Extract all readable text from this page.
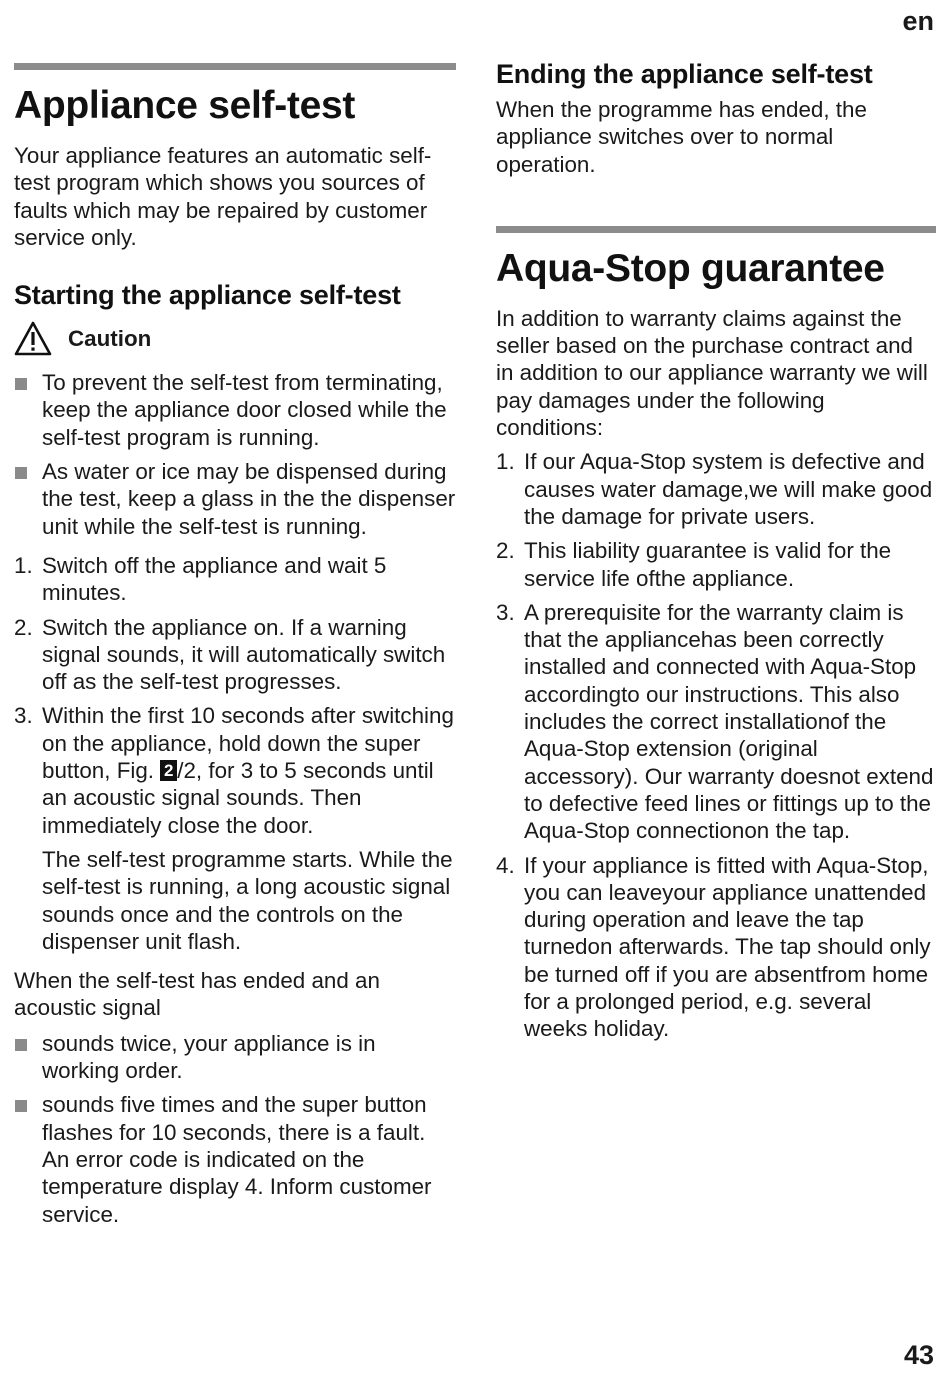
en
Appliance self-test

Your appliance features an automatic self-test program which shows you sources of faults which may be repaired by customer service only.

Starting the appliance self-test
Caution
To prevent the self-test from terminating, keep the appliance door closed while the self-test program is running.
As water or ice may be dispensed during the test, keep a glass in the the dispenser unit while the self-test is running.
1. Switch off the appliance and wait 5 minutes.
2. Switch the appliance on. If a warning signal sounds, it will automatically switch off as the self-test progresses.
3. Within the first 10 seconds after switching on the appliance, hold down the super button, Fig. 2 /2, for 3 to 5 seconds until an acoustic signal sounds. Then immediately close the door.
The self-test programme starts. While the self-test is running, a long acoustic signal sounds once and the controls on the dispenser unit flash.

When the self-test has ended and an acoustic signal

sounds twice, your appliance is in working order.
sounds five times and the super button flashes for 10 seconds, there is a fault. An error code is indicated on the temperature display 4. Inform customer service.
Ending the appliance self-test

When the programme has ended, the appliance switches over to normal operation.

Aqua-Stop guarantee

In addition to warranty claims against the seller based on the purchase contract and in addition to our appliance warranty we will pay damages under the following conditions:

1. If our Aqua-Stop system is defective and causes water damage,we will make good the damage for private users.
2. This liability guarantee is valid for the service life ofthe appliance.
3. A prerequisite for the warranty claim is that the appliancehas been correctly installed and connected with Aqua-Stop accordingto our instructions. This also includes the correct installationof the Aqua-Stop extension (original accessory). Our warranty doesnot extend to defective feed lines or fittings up to the Aqua-Stop connectionon the tap.
4. If your appliance is fitted with Aqua-Stop, you can leaveyour appliance unattended during operation and leave the tap turnedon afterwards. The tap should only be turned off if you are absentfrom home for a prolonged period, e.g. several weeks holiday.
43
